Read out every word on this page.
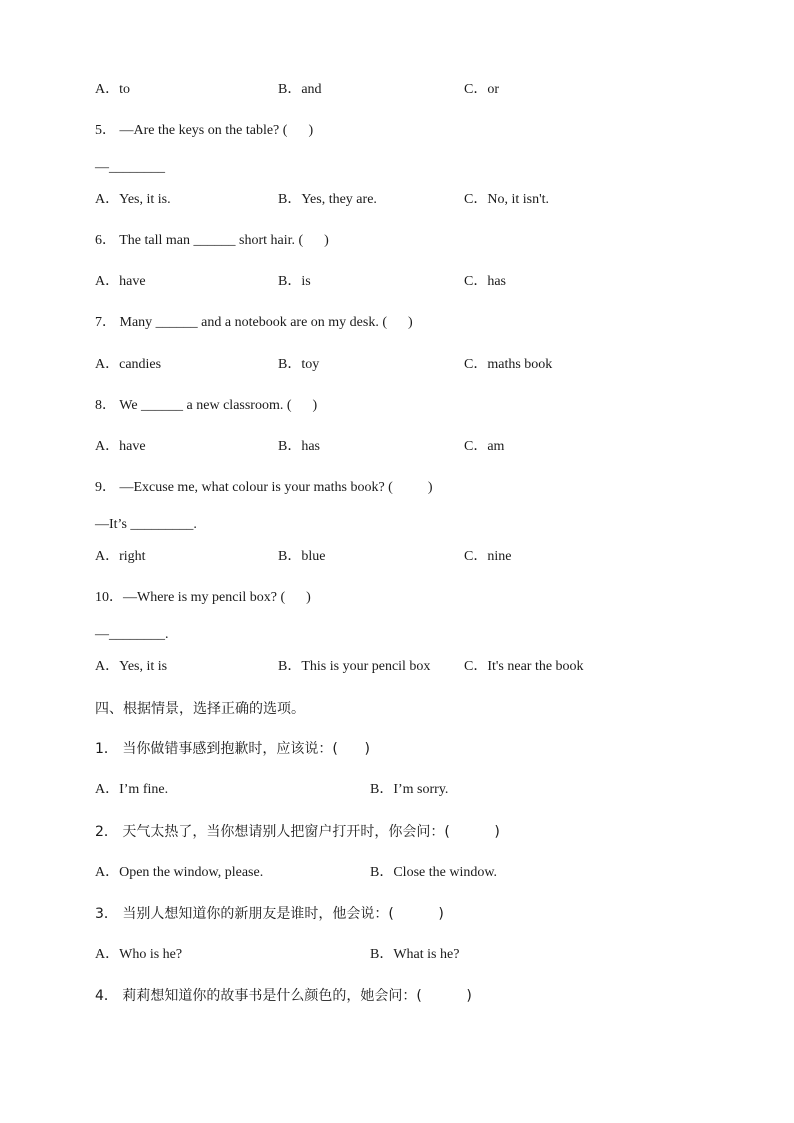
A．to	B．and	C．or
5． —Are the keys on the table? (      )
—________
A．Yes, it is.	B．Yes, they are.	C．No, it isn't.
6． The tall man ______ short hair. (      )
A．have	B．is	C．has
7． Many ______ and a notebook are on my desk. (      )
A．candies	B．toy	C．maths book
8． We ______ a new classroom. (      )
A．have	B．has	C．am
9． —Excuse me, what colour is your maths book? (          )
—It’s _________.
A．right	B．blue	C．nine
10．—Where is my pencil box? (      )
—________.
A．Yes, it is	B．This is your pencil box C．It's near the book
四、根据情景，选择正确的选项。
1． 当你做错事感到抱歉时，应该说：(      )
A．I’m fine.	B．I’m sorry.
2． 天气太热了，当你想请别人把窗户打开时，你会问：(          )
A．Open the window, please.	B．Close the window.
3． 当别人想知道你的新朋友是谁时，他会说：(          )
A．Who is he?	B．What is he?
4． 莉莉想知道你的故事书是什么颜色的，她会问：(          )
